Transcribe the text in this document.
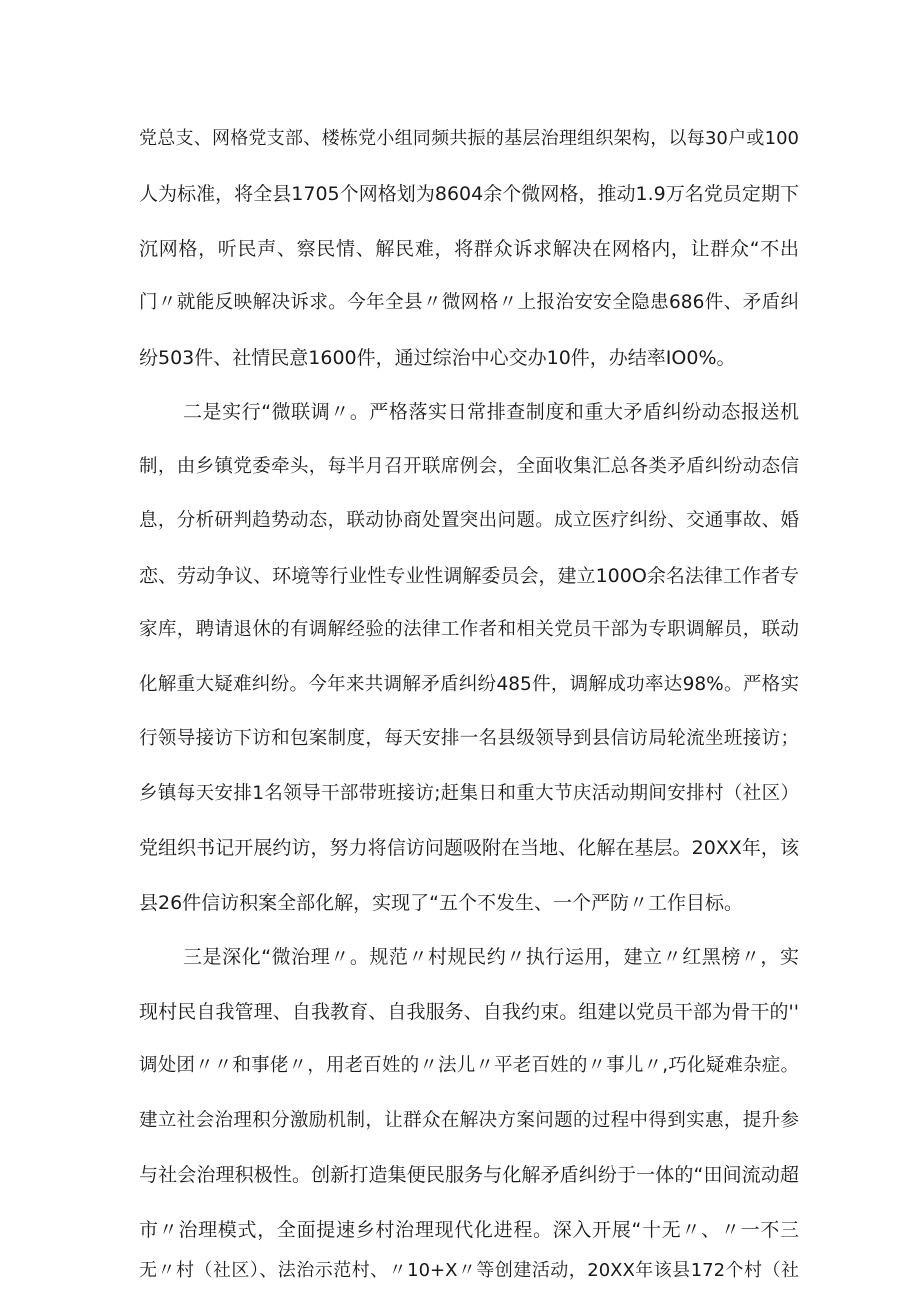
党总支、网格党支部、楼栋党小组同频共振的基层治理组织架构，以每30户或100
人为标准，将全县1705个网格划为8604余个微网格，推动1.9万名党员定期下
沉网格，听民声、察民情、解民难，将群众诉求解决在网格内，让群众“不出
门〃就能反映解决诉求。今年全县〃微网格〃上报治安安全隐患686件、矛盾纠
纷503件、社情民意1600件，通过综治中心交办10件，办结率IO0%。
二是实行“微联调〃。严格落实日常排查制度和重大矛盾纠纷动态报送机
制，由乡镇党委牵头，每半月召开联席例会，全面收集汇总各类矛盾纠纷动态信
息，分析研判趋势动态，联动协商处置突出问题。成立医疗纠纷、交通事故、婚
恋、劳动争议、环境等行业性专业性调解委员会，建立100O余名法律工作者专
家库，聘请退休的有调解经验的法律工作者和相关党员干部为专职调解员，联动
化解重大疑难纠纷。今年来共调解矛盾纠纷485件，调解成功率达98%。严格实
行领导接访下访和包案制度，每天安排一名县级领导到县信访局轮流坐班接访；
乡镇每天安排1名领导干部带班接访;赶集日和重大节庆活动期间安排村（社区）
党组织书记开展约访，努力将信访问题吸附在当地、化解在基层。20XX年，该
县26件信访积案全部化解，实现了“五个不发生、一个严防〃工作目标。
三是深化“微治理〃。规范〃村规民约〃执行运用，建立〃红黑榜〃，实
现村民自我管理、自我教育、自我服务、自我约束。组建以党员干部为骨干的''
调处团〃〃和事佬〃，用老百姓的〃法儿〃平老百姓的〃事儿〃,巧化疑难杂症。
建立社会治理积分激励机制，让群众在解决方案问题的过程中得到实惠，提升参
与社会治理积极性。创新打造集便民服务与化解矛盾纠纷于一体的“田间流动超
市〃治理模式，全面提速乡村治理现代化进程。深入开展“十无〃、〃一不三
无〃村（社区）、法治示范村、〃10+X〃等创建活动，20XX年该县172个村（社
